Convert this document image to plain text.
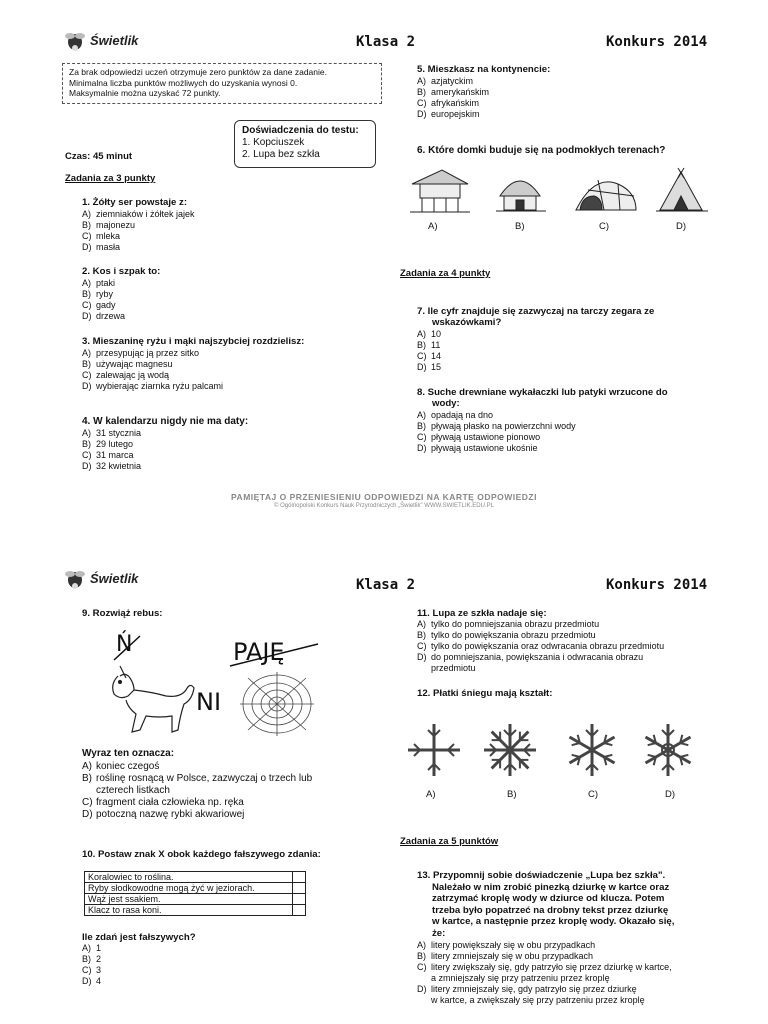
Świetlik	Klasa 2	Konkurs 2014
Za brak odpowiedzi uczeń otrzymuje zero punktów za dane zadanie.
Minimalna liczba punktów możliwych do uzyskania wynosi 0.
Maksymalnie można uzyskać 72 punkty.
Doświadczenia do testu:
1. Kopciuszek
2. Lupa bez szkła
Czas: 45 minut
Zadania za 3 punkty
1. Żółty ser powstaje z:
A) ziemniaków i żółtek jajek
B) majonezu
C) mleka
D) masła
2. Kos i szpak to:
A) ptaki
B) ryby
C) gady
D) drzewa
3. Mieszaninę ryżu i mąki najszybciej rozdzielisz:
A) przesypując ją przez sitko
B) używając magnesu
C) zalewając ją wodą
D) wybierając ziarnka ryżu palcami
4. W kalendarzu nigdy nie ma daty:
A) 31 stycznia
B) 29 lutego
C) 31 marca
D) 32 kwietnia
5. Mieszkasz na kontynencie:
A) azjatyckim
B) amerykańskim
C) afrykańskim
D) europejskim
6. Które domki buduje się na podmokłych terenach?
A)	B)	C)	D)
Zadania za 4 punkty
7. Ile cyfr znajduje się zazwyczaj na tarczy zegara ze
wskazówkami?
A) 10
B) 11
C) 14
D) 15
8. Suche drewniane wykałaczki lub patyki wrzucone do
wody:
A) opadają na dno
B) pływają płasko na powierzchni wody
C) pływają ustawione pionowo
D) pływają ustawione ukośnie
PAMIĘTAJ O PRZENIESIENIU ODPOWIEDZI NA KARTĘ ODPOWIEDZI
© Ogólnopolski Konkurs Nauk Przyrodniczych „Świetlik" WWW.SWIETLIK.EDU.PL
Świetlik	Klasa 2	Konkurs 2014
9. Rozwiąż rebus:
Ń	PAJĘ
NI
Wyraz ten oznacza:
A) koniec czegoś
B) roślinę rosnącą w Polsce, zazwyczaj o trzech lub
czterech listkach
C) fragment ciała człowieka np. ręka
D) potoczną nazwę rybki akwariowej
10. Postaw znak X obok każdego fałszywego zdania:
Koralowiec to roślina.	
Ryby słodkowodne mogą żyć w jeziorach.	
Wąż jest ssakiem.	
Klacz to rasa koni.	
Ile zdań jest fałszywych?
A) 1
B) 2
C) 3
D) 4
11. Lupa ze szkła nadaje się:
A) tylko do pomniejszania obrazu przedmiotu
B) tylko do powiększania obrazu przedmiotu
C) tylko do powiększania oraz odwracania obrazu przedmiotu
D) do pomniejszania, powiększania i odwracania obrazu
przedmiotu
12. Płatki śniegu mają kształt:
A)	B)	C)	D)
Zadania za 5 punktów
13. Przypomnij sobie doświadczenie „Lupa bez szkła".
Należało w nim zrobić pinezką dziurkę w kartce oraz
zatrzymać kroplę wody w dziurce od klucza. Potem
trzeba było popatrzeć na drobny tekst przez dziurkę
w kartce, a następnie przez kroplę wody. Okazało się,
że:
A) litery powiększały się w obu przypadkach
B) litery zmniejszały się w obu przypadkach
C) litery zwiększały się, gdy patrzyło się przez dziurkę w kartce,
a zmniejszały się przy patrzeniu przez kroplę
D) litery zmniejszały się, gdy patrzyło się przez dziurkę
w kartce, a zwiększały się przy patrzeniu przez kroplę
